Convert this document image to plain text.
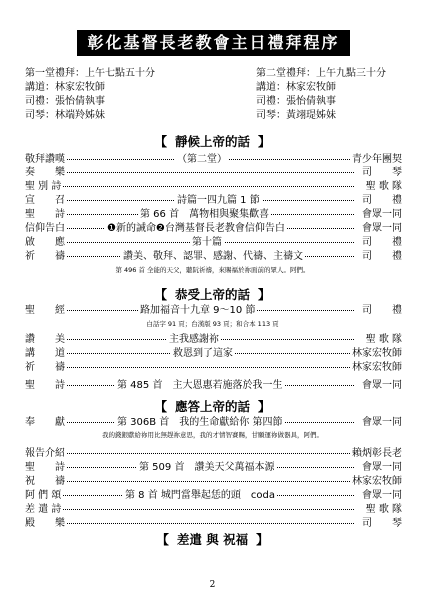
彰化基督長老教會主日禮拜程序
第一堂禮拜：上午七點五十分
講道：林家宏牧師
司禮：張怡倩執事
司琴：林端羚姊妹
第二堂禮拜：上午九點三十分
講道：林家宏牧師
司禮：張怡倩執事
司琴：黃翊瑅姊妹
【 靜候上帝的話 】
敬拜讚嘆	（第二堂）	青少年團契
奏　　樂	司　　琴
聖 別 詩	聖 歌 隊
宣　　召	詩篇一四九篇 1 節	司　　禮
聖　　詩	第 66 首　萬物相與聚集歡喜	會眾一同
信仰告白	❶新的誡命❷台灣基督長老教會信仰告白	會眾一同
啟　　應	第十篇	司　　禮
祈　　禱	讚美、敬拜、認罪、感謝、代禱、主禱文	司　　禮
第 496 首 全能的天父，聽阮祈禱，來賜福於祢面前的眾人。阿們。
【 恭受上帝的話 】
聖　　經	路加福音十九章 9～10 節	司　　禮
白話字 91 頁；台漢版 93 頁；和合本 113 頁
讚　　美	主我感謝祢	聖 歌 隊
講　　道	救恩到了這家	林家宏牧師
祈　　禱	林家宏牧師
聖　　詩	第 485 首　主大恩惠若施落於我一生	會眾一同
【 應答上帝的話 】
奉　　獻	第 306B 首　我的生命獻給你 第四節	會眾一同
我的錢銀獻給祢用比無趕祢意思，我的才情智賽賜，甘願運祢做器具，阿們。
報告介紹	賴炳彰長老
聖　　詩	第 509 首　讚美天父萬福本源	會眾一同
祝　　禱	林家宏牧師
阿 們 頌	第 8 首 城門當舉起恁的頭　coda	會眾一同
差 遣 詩	聖 歌 隊
殿　　樂	司　　琴
【 差遣 與 祝福 】
2
